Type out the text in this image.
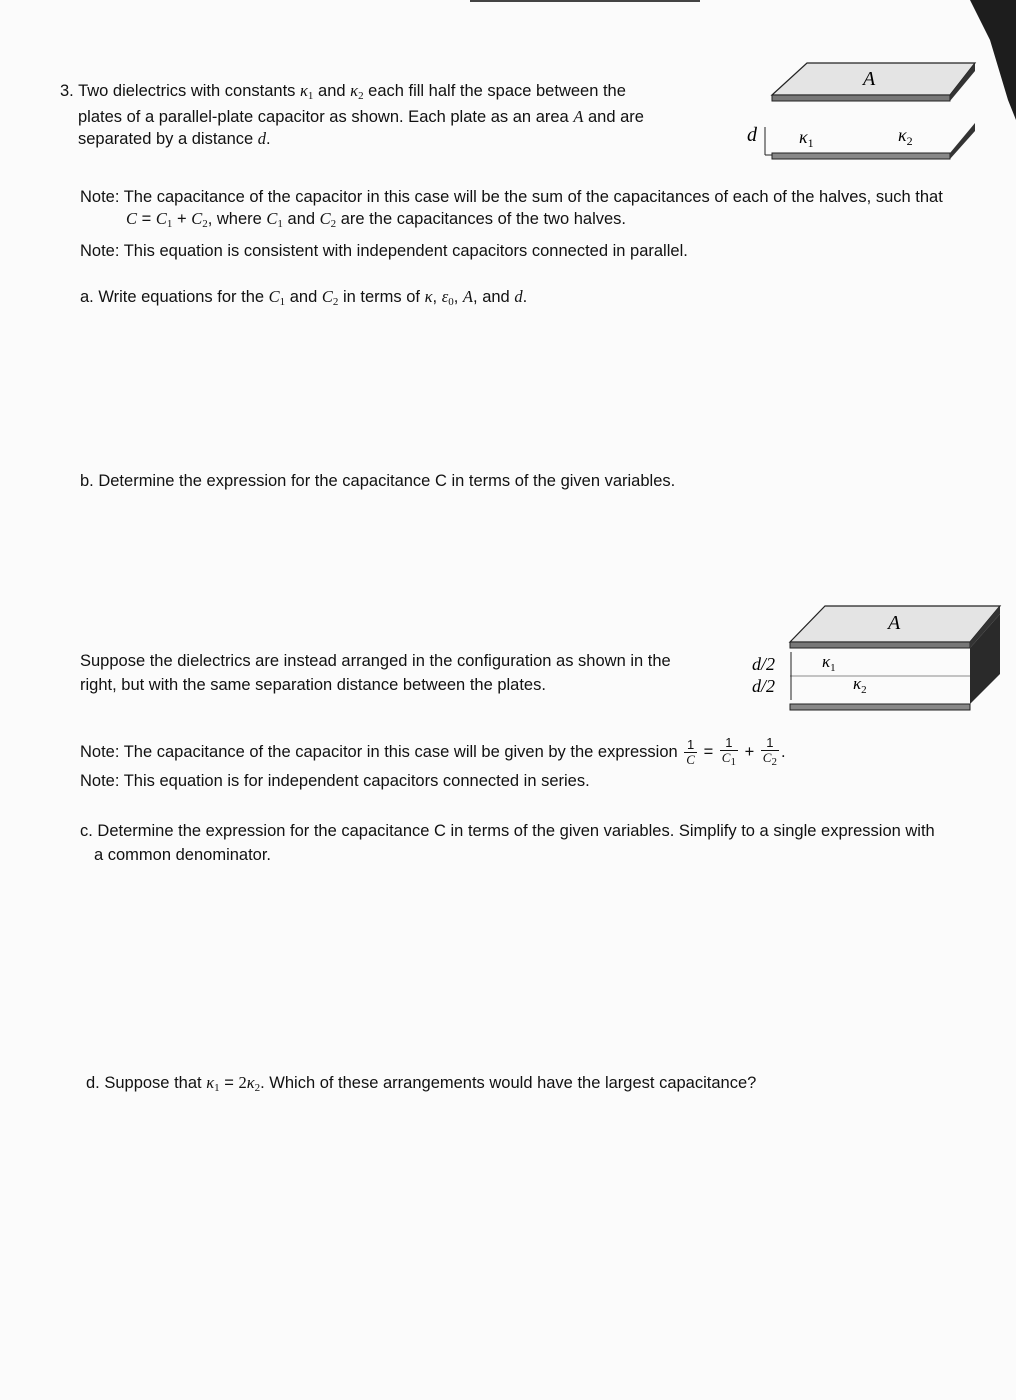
3. Two dielectrics with constants $\kappa_1$ and $\kappa_2$ each fill half the space between the
plates of a parallel-plate capacitor as shown. Each plate as an area A and are
separated by a distance d.
A
d $\kappa_1$	$\kappa_2$
Note: The capacitance of the capacitor in this case will be the sum of the capacitances of each of the halves, such that
$C = C_1 + C_2$, where $C_1$ and $C_2$ are the capacitances of the two halves.
Note: This equation is consistent with independent capacitors connected in parallel.
a. Write equations for the $C_1$ and $C_2$ in terms of κ, $\varepsilon_0$, A, and d.
b. Determine the expression for the capacitance C in terms of the given variables.
Suppose the dielectrics are instead arranged in the configuration as shown in the
right, but with the same separation distance between the plates.
A
d/2
d/2
$\kappa_1$
$\kappa_2$
Note: The capacitance of the capacitor in this case will be given by the expression $\frac{1}{C} = \frac{1}{C_1} + \frac{1}{C_2}$ .
Note: This equation is for independent capacitors connected in series.
c. Determine the expression for the capacitance C in terms of the given variables. Simplify to a single expression with
a common denominator.
d. Suppose that $\kappa_1 = 2\kappa_2$. Which of these arrangements would have the largest capacitance?
